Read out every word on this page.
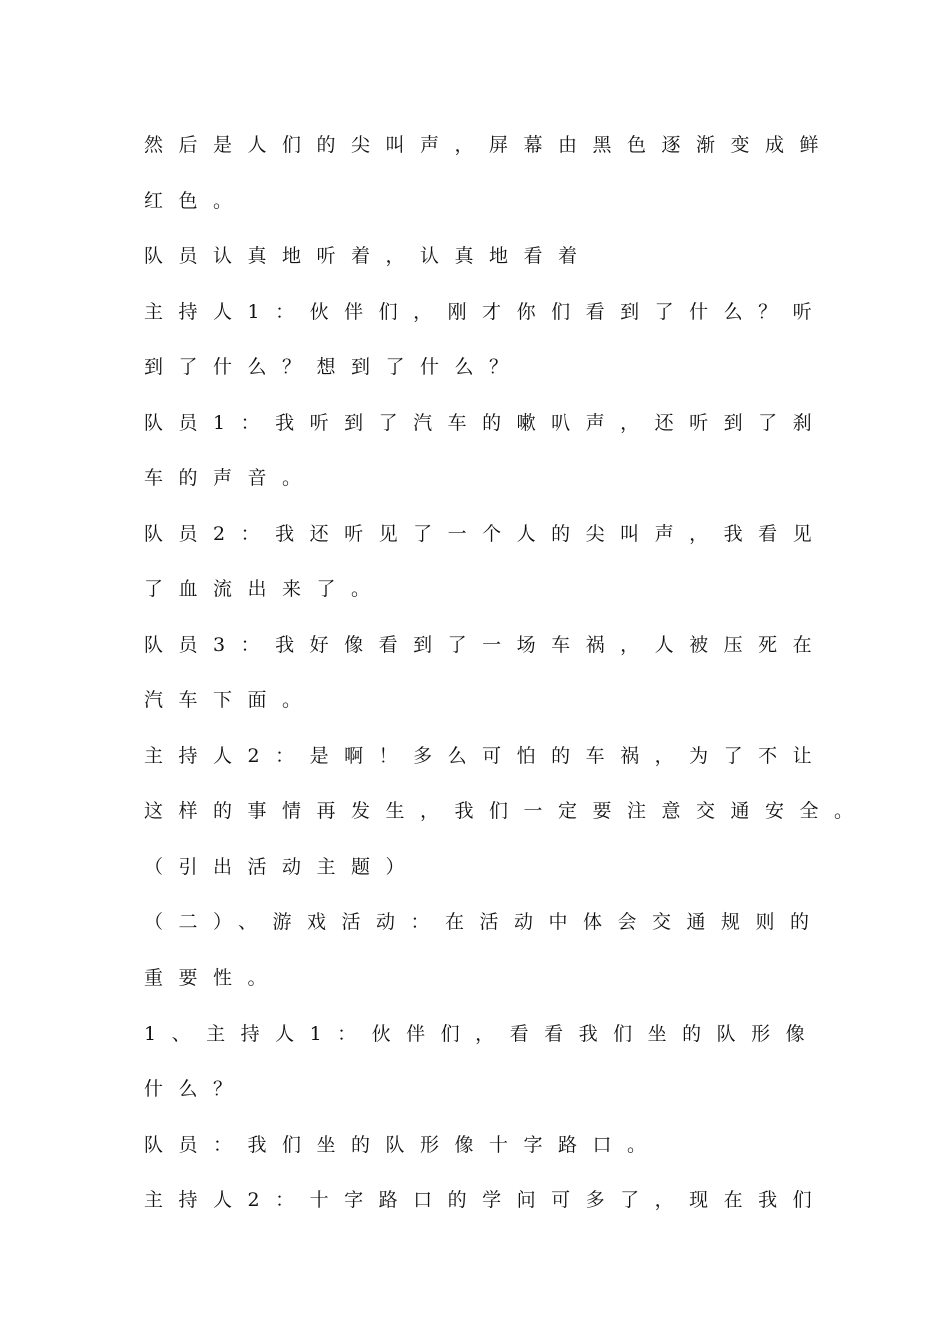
然后是人们的尖叫声，屏幕由黑色逐渐变成鲜
红色。
队员认真地听着，认真地看着
主持人1：伙伴们，刚才你们看到了什么？听
到了什么？想到了什么？
队员1：我听到了汽车的嗽叭声，还听到了刹
车的声音。
队员2：我还听见了一个人的尖叫声，我看见
了血流出来了。
队员3：我好像看到了一场车祸，人被压死在
汽车下面。
主持人2：是啊！多么可怕的车祸，为了不让
这样的事情再发生，我们一定要注意交通安全。
（引出活动主题）
（二）、游戏活动：在活动中体会交通规则的
重要性。
1、主持人1：伙伴们，看看我们坐的队形像
什么？
队员：我们坐的队形像十字路口。
主持人2：十字路口的学问可多了，现在我们
